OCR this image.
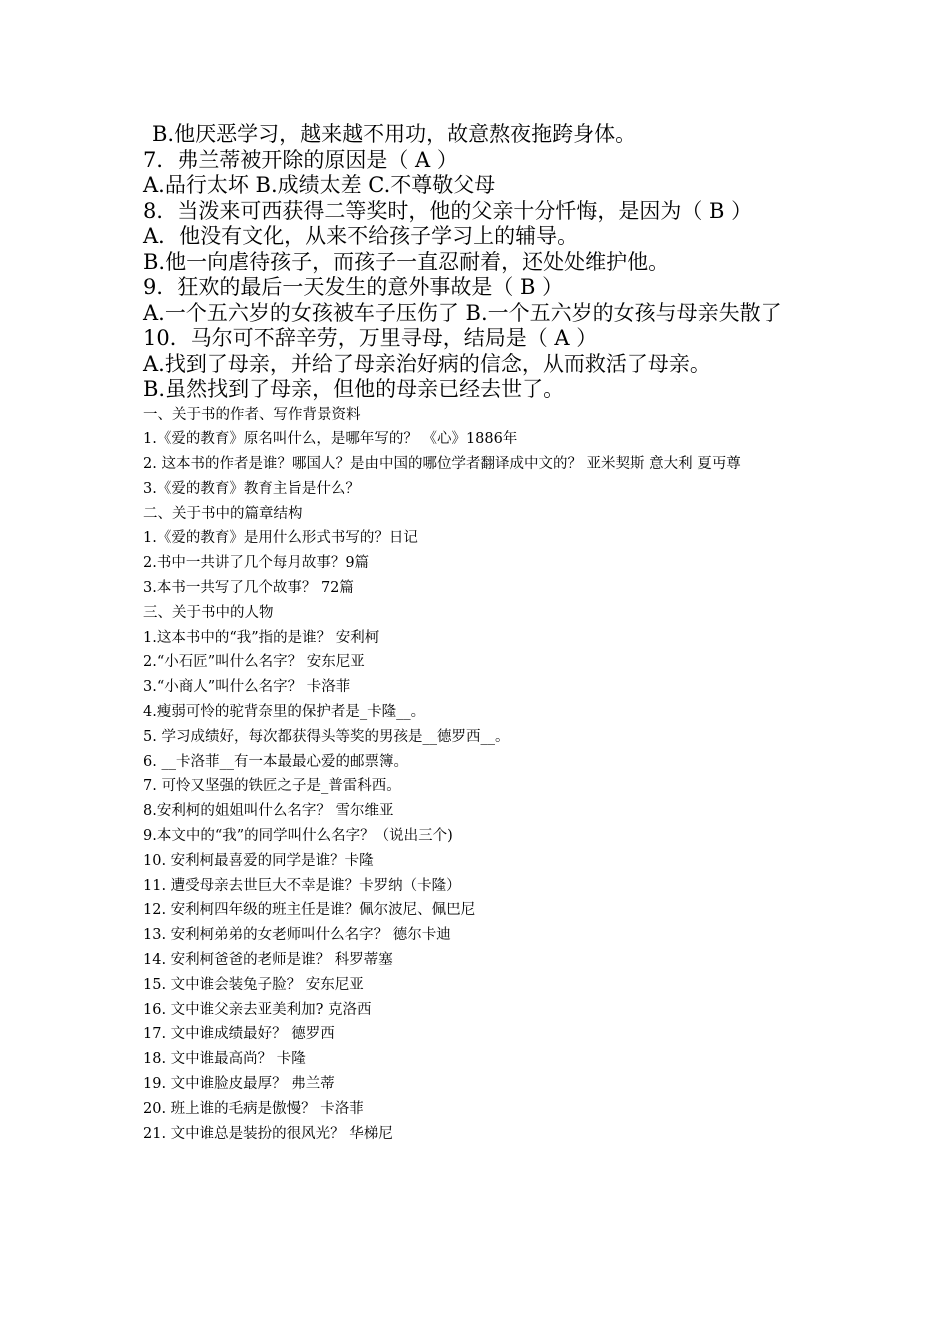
B.他厌恶学习，越来越不用功，故意熬夜拖跨身体。

7．弗兰蒂被开除的原因是（ A ）

A.品行太坏 B.成绩太差 C.不尊敬父母

8．当泼来可西获得二等奖时，他的父亲十分忏悔，是因为（ B ）

A．他没有文化，从来不给孩子学习上的辅导。

B.他一向虐待孩子，而孩子一直忍耐着，还处处维护他。

9．狂欢的最后一天发生的意外事故是（ B ）

A.一个五六岁的女孩被车子压伤了 B.一个五六岁的女孩与母亲失散了

10．马尔可不辞辛劳，万里寻母，结局是（ A ）

A.找到了母亲，并给了母亲治好病的信念，从而救活了母亲。

B.虽然找到了母亲，但他的母亲已经去世了。

一、关于书的作者、写作背景资料

1.《爱的教育》原名叫什么，是哪年写的？ 《心》1886年

2. 这本书的作者是谁？哪国人？是由中国的哪位学者翻译成中文的？ 亚米契斯 意大利 夏丏尊

3.《爱的教育》教育主旨是什么？

二、关于书中的篇章结构

1.《爱的教育》是用什么形式书写的？日记

2.书中一共讲了几个每月故事？9篇

3.本书一共写了几个故事？ 72篇

三、关于书中的人物

1.这本书中的“我”指的是谁？ 安利柯

2.“小石匠”叫什么名字？ 安东尼亚

3.“小商人”叫什么名字？ 卡洛菲

4.瘦弱可怜的驼背奈里的保护者是_卡隆__。

5. 学习成绩好，每次都获得头等奖的男孩是__德罗西__。

6. __卡洛菲__有一本最最心爱的邮票簿。

7. 可怜又坚强的铁匠之子是_普雷科西。

8.安利柯的姐姐叫什么名字？ 雪尔维亚

9.本文中的“我”的同学叫什么名字？（说出三个)

10. 安利柯最喜爱的同学是谁？卡隆

11. 遭受母亲去世巨大不幸是谁？卡罗纳（卡隆）

12. 安利柯四年级的班主任是谁？佩尔波尼、佩巴尼

13. 安利柯弟弟的女老师叫什么名字？ 德尔卡迪

14. 安利柯爸爸的老师是谁？ 科罗蒂塞

15. 文中谁会装兔子脸？ 安东尼亚

16. 文中谁父亲去亚美利加? 克洛西

17. 文中谁成绩最好？ 德罗西

18. 文中谁最高尚？ 卡隆

19. 文中谁脸皮最厚？ 弗兰蒂

20. 班上谁的毛病是傲慢？ 卡洛菲

21. 文中谁总是装扮的很风光？ 华梯尼
